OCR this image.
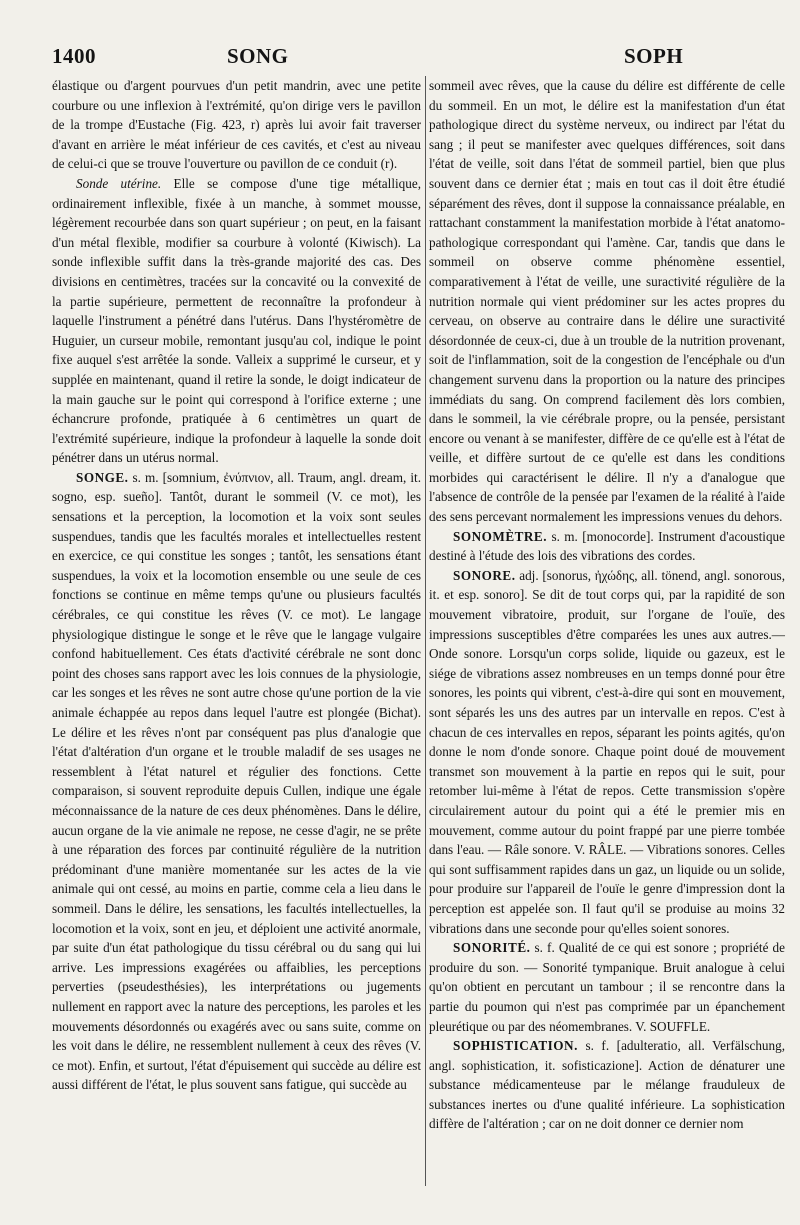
1400	SONG	SOPH

élastique ou d'argent pourvues d'un petit mandrin, avec une petite courbure ou une inflexion à l'extrémité, qu'on dirige vers le pavillon de la trompe d'Eustache (Fig. 423, r) après lui avoir fait traverser d'avant en arrière le méat inférieur de ces cavités, et c'est au niveau de celui-ci que se trouve l'ouverture ou pavillon de ce conduit (r).

Sonde utérine. Elle se compose d'une tige métallique, ordinairement inflexible, fixée à un manche, à sommet mousse, légèrement recourbée dans son quart supérieur ; on peut, en la faisant d'un métal flexible, modifier sa courbure à volonté (Kiwisch). La sonde inflexible suffit dans la très-grande majorité des cas. Des divisions en centimètres, tracées sur la concavité ou la convexité de la partie supérieure, permettent de reconnaître la profondeur à laquelle l'instrument a pénétré dans l'utérus. Dans l'hystéromètre de Huguier, un curseur mobile, remontant jusqu'au col, indique le point fixe auquel s'est arrêtée la sonde. Valleix a supprimé le curseur, et y supplée en maintenant, quand il retire la sonde, le doigt indicateur de la main gauche sur le point qui correspond à l'orifice externe ; une échancrure profonde, pratiquée à 6 centimètres un quart de l'extrémité supérieure, indique la profondeur à laquelle la sonde doit pénétrer dans un utérus normal.

SONGE. s. m. [somnium, ἐνύπνιον, all. Traum, angl. dream, it. sogno, esp. sueño]. Tantôt, durant le sommeil (V. ce mot), les sensations et la perception, la locomotion et la voix sont seules suspendues, tandis que les facultés morales et intellectuelles restent en exercice, ce qui constitue les songes ; tantôt, les sensations étant suspendues, la voix et la locomotion ensemble ou une seule de ces fonctions se continue en même temps qu'une ou plusieurs facultés cérébrales, ce qui constitue les rêves (V. ce mot). Le langage physiologique distingue le songe et le rêve que le langage vulgaire confond habituellement. Ces états d'activité cérébrale ne sont donc point des choses sans rapport avec les lois connues de la physiologie, car les songes et les rêves ne sont autre chose qu'une portion de la vie animale échappée au repos dans lequel l'autre est plongée (Bichat). Le délire et les rêves n'ont par conséquent pas plus d'analogie que l'état d'altération d'un organe et le trouble maladif de ses usages ne ressemblent à l'état naturel et régulier des fonctions. Cette comparaison, si souvent reproduite depuis Cullen, indique une égale méconnaissance de la nature de ces deux phénomènes. Dans le délire, aucun organe de la vie animale ne repose, ne cesse d'agir, ne se prête à une réparation des forces par continuité régulière de la nutrition prédominant d'une manière momentanée sur les actes de la vie animale qui ont cessé, au moins en partie, comme cela a lieu dans le sommeil. Dans le délire, les sensations, les facultés intellectuelles, la locomotion et la voix, sont en jeu, et déploient une activité anormale, par suite d'un état pathologique du tissu cérébral ou du sang qui lui arrive. Les impressions exagérées ou affaiblies, les perceptions perverties (pseudesthésies), les interprétations ou jugements nullement en rapport avec la nature des perceptions, les paroles et les mouvements désordonnés ou exagérés avec ou sans suite, comme on les voit dans le délire, ne ressemblent nullement à ceux des rêves (V. ce mot). Enfin, et surtout, l'état d'épuisement qui succède au délire est aussi différent de l'état, le plus souvent sans fatigue, qui succède au

sommeil avec rêves, que la cause du délire est différente de celle du sommeil. En un mot, le délire est la manifestation d'un état pathologique direct du système nerveux, ou indirect par l'état du sang ; il peut se manifester avec quelques différences, soit dans l'état de veille, soit dans l'état de sommeil partiel, bien que plus souvent dans ce dernier état ; mais en tout cas il doit être étudié séparément des rêves, dont il suppose la connaissance préalable, en rattachant constamment la manifestation morbide à l'état anatomo-pathologique correspondant qui l'amène. Car, tandis que dans le sommeil on observe comme phénomène essentiel, comparativement à l'état de veille, une suractivité régulière de la nutrition normale qui vient prédominer sur les actes propres du cerveau, on observe au contraire dans le délire une suractivité désordonnée de ceux-ci, due à un trouble de la nutrition provenant, soit de l'inflammation, soit de la congestion de l'encéphale ou d'un changement survenu dans la proportion ou la nature des principes immédiats du sang. On comprend facilement dès lors combien, dans le sommeil, la vie cérébrale propre, ou la pensée, persistant encore ou venant à se manifester, diffère de ce qu'elle est à l'état de veille, et diffère surtout de ce qu'elle est dans les conditions morbides qui caractérisent le délire. Il n'y a d'analogue que l'absence de contrôle de la pensée par l'examen de la réalité à l'aide des sens percevant normalement les impressions venues du dehors.

SONOMÈTRE. s. m. [monocorde]. Instrument d'acoustique destiné à l'étude des lois des vibrations des cordes.

SONORE. adj. [sonorus, ἠχώδης, all. tönend, angl. sonorous, it. et esp. sonoro]. Se dit de tout corps qui, par la rapidité de son mouvement vibratoire, produit, sur l'organe de l'ouïe, des impressions susceptibles d'être comparées les unes aux autres.— Onde sonore. Lorsqu'un corps solide, liquide ou gazeux, est le siége de vibrations assez nombreuses en un temps donné pour être sonores, les points qui vibrent, c'est-à-dire qui sont en mouvement, sont séparés les uns des autres par un intervalle en repos. C'est à chacun de ces intervalles en repos, séparant les points agités, qu'on donne le nom d'onde sonore. Chaque point doué de mouvement transmet son mouvement à la partie en repos qui le suit, pour retomber lui-même à l'état de repos. Cette transmission s'opère circulairement autour du point qui a été le premier mis en mouvement, comme autour du point frappé par une pierre tombée dans l'eau. — Râle sonore. V. RÂLE. — Vibrations sonores. Celles qui sont suffisamment rapides dans un gaz, un liquide ou un solide, pour produire sur l'appareil de l'ouïe le genre d'impression dont la perception est appelée son. Il faut qu'il se produise au moins 32 vibrations dans une seconde pour qu'elles soient sonores.

SONORITÉ. s. f. Qualité de ce qui est sonore ; propriété de produire du son. — Sonorité tympanique. Bruit analogue à celui qu'on obtient en percutant un tambour ; il se rencontre dans la partie du poumon qui n'est pas comprimée par un épanchement pleurétique ou par des néomembranes. V. SOUFFLE.

SOPHISTICATION. s. f. [adulteratio, all. Verfälschung, angl. sophistication, it. sofisticazione]. Action de dénaturer une substance médicamenteuse par le mélange frauduleux de substances inertes ou d'une qualité inférieure. La sophistication diffère de l'altération ; car on ne doit donner ce dernier nom
